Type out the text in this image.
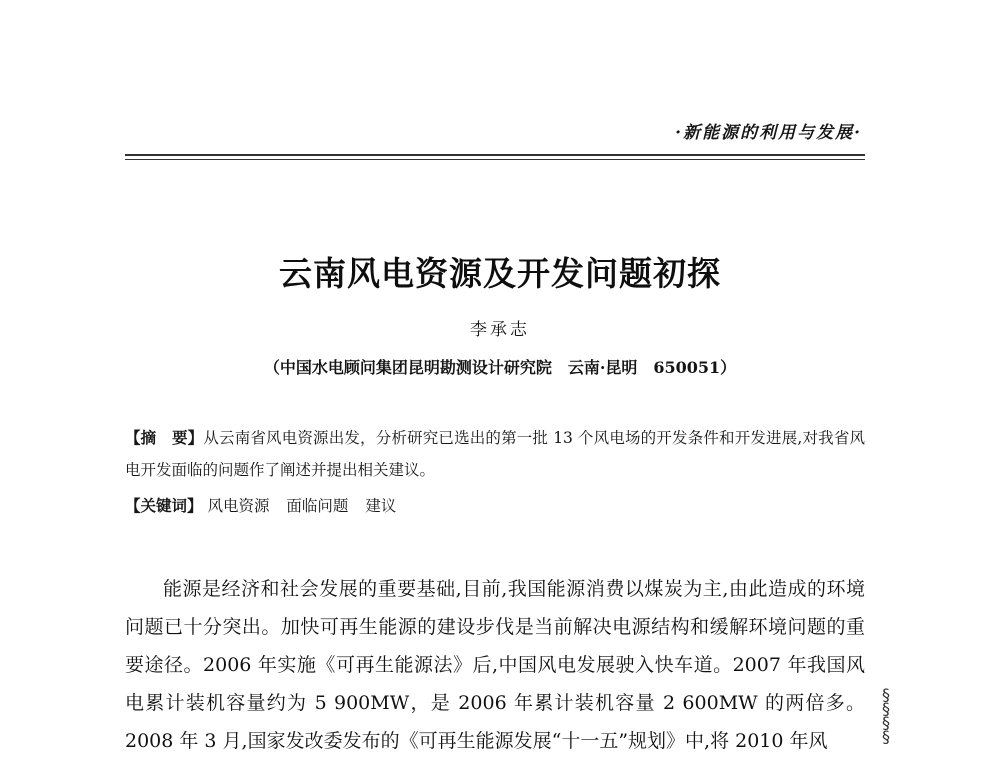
·新能源的利用与发展·
云南风电资源及开发问题初探
李承志
（中国水电顾问集团昆明勘测设计研究院　云南·昆明　650051）

【摘　要】从云南省风电资源出发，分析研究已选出的第一批 13 个风电场的开发条件和开发进展,对我省风电开发面临的问题作了阐述并提出相关建议。

【关键词】 风电资源 面临问题 建议

能源是经济和社会发展的重要基础,目前,我国能源消费以煤炭为主,由此造成的环境问题已十分突出。加快可再生能源的建设步伐是当前解决电源结构和缓解环境问题的重要途径。2006 年实施《可再生能源法》后,中国风电发展驶入快车道。2007 年我国风电累计装机容量约为 5 900MW，是 2006 年累计装机容量 2 600MW 的两倍多。2008 年 3 月,国家发改委发布的《可再生能源发展“十一五”规划》中,将 2010 年风

§
§
§
§
